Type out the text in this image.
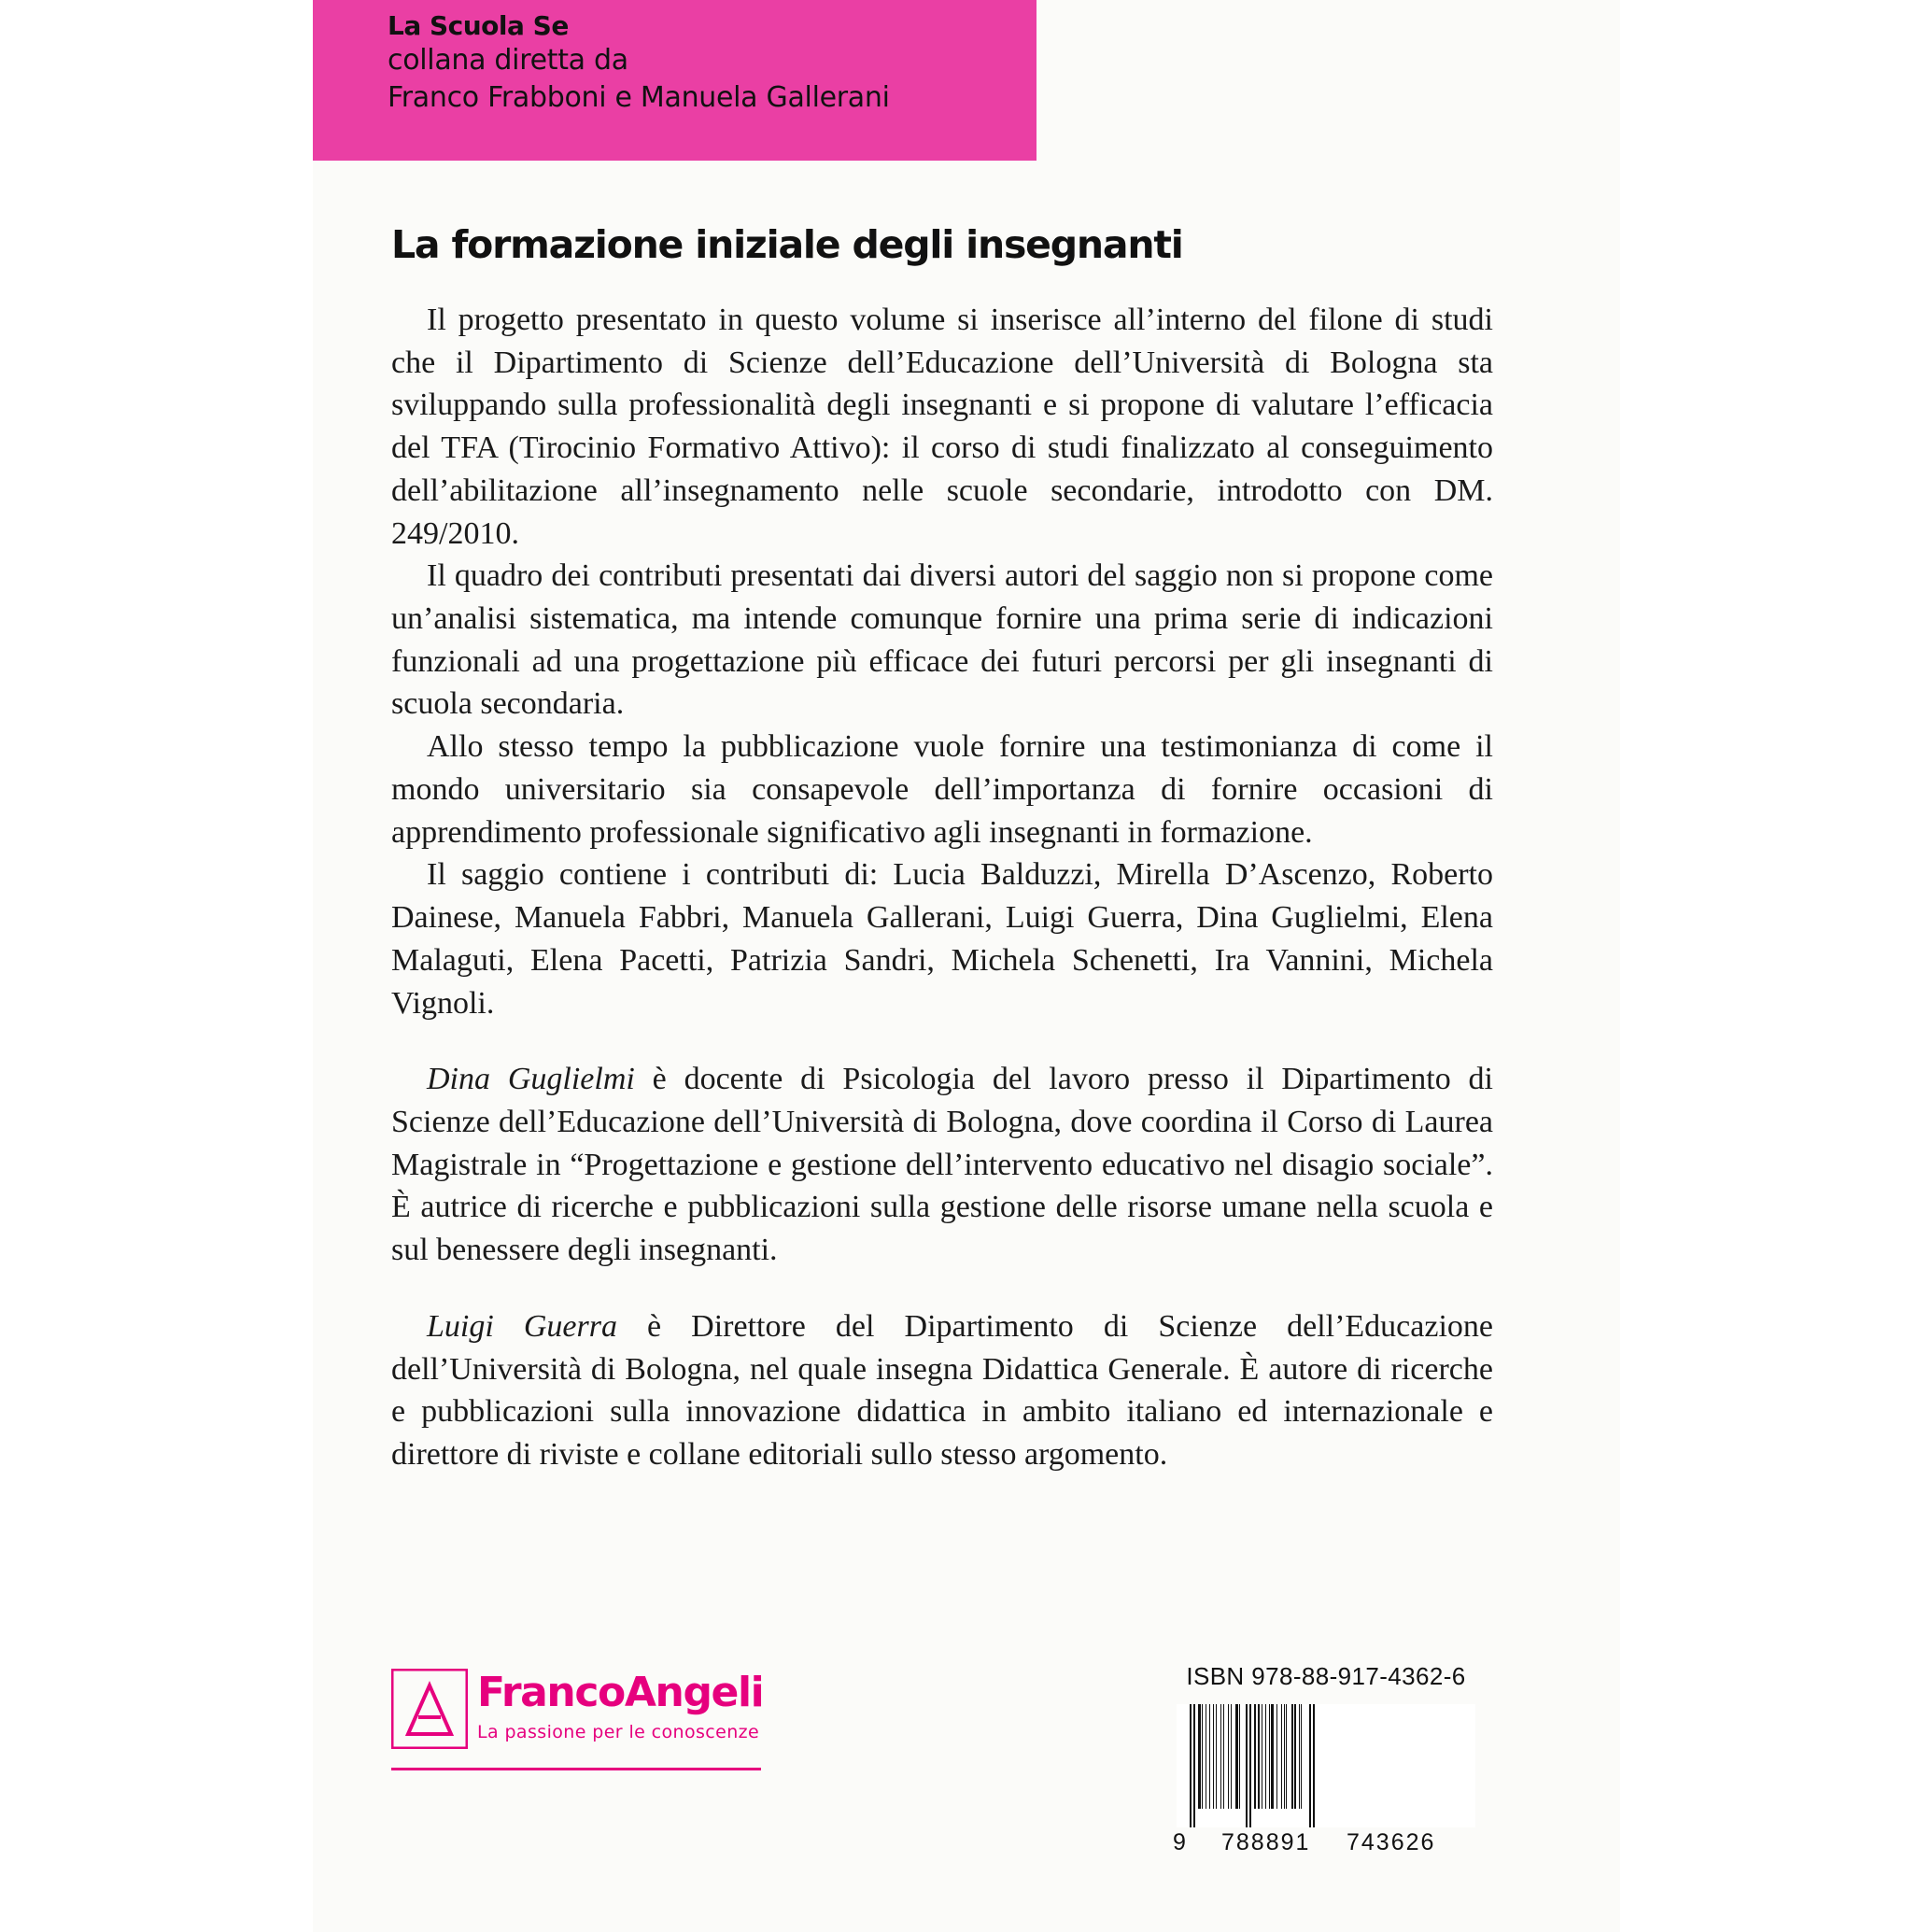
La Scuola Se
collana diretta da
Franco Frabboni e Manuela Gallerani
La formazione iniziale degli insegnanti

Il progetto presentato in questo volume si inserisce all’interno del filone di studi che il Dipartimento di Scienze dell’Educazione dell’Università di Bologna sta sviluppando sulla professionalità degli insegnanti e si propone di valutare l’efficacia del TFA (Tirocinio Formativo Attivo): il corso di studi finalizzato al conseguimento dell’abilitazione all’insegnamento nelle scuole secondarie, introdotto con DM. 249/2010.

Il quadro dei contributi presentati dai diversi autori del saggio non si propone come un’analisi sistematica, ma intende comunque fornire una prima serie di indicazioni funzionali ad una progettazione più efficace dei futuri percorsi per gli insegnanti di scuola secondaria.

Allo stesso tempo la pubblicazione vuole fornire una testimonianza di come il mondo universitario sia consapevole dell’importanza di fornire occasioni di apprendimento professionale significativo agli insegnanti in formazione.

Il saggio contiene i contributi di: Lucia Balduzzi, Mirella D’Ascenzo, Roberto Dainese, Manuela Fabbri, Manuela Gallerani, Luigi Guerra, Dina Guglielmi, Elena Malaguti, Elena Pacetti, Patrizia Sandri, Michela Schenetti, Ira Vannini, Michela Vignoli.

Dina Guglielmi è docente di Psicologia del lavoro presso il Dipartimento di Scienze dell’Educazione dell’Università di Bologna, dove coordina il Corso di Laurea Magistrale in “Progettazione e gestione dell’intervento educativo nel disagio sociale”. È autrice di ricerche e pubblicazioni sulla gestione delle risorse umane nella scuola e sul benessere degli insegnanti.

Luigi Guerra è Direttore del Dipartimento di Scienze dell’Educazione dell’Università di Bologna, nel quale insegna Didattica Generale. È autore di ricerche e pubblicazioni sulla innovazione didattica in ambito italiano ed internazionale e direttore di riviste e collane editoriali sullo stesso argomento.

FrancoAngeli
La passione per le conoscenze
ISBN 978-88-917-4362-6
9 788891 743626
